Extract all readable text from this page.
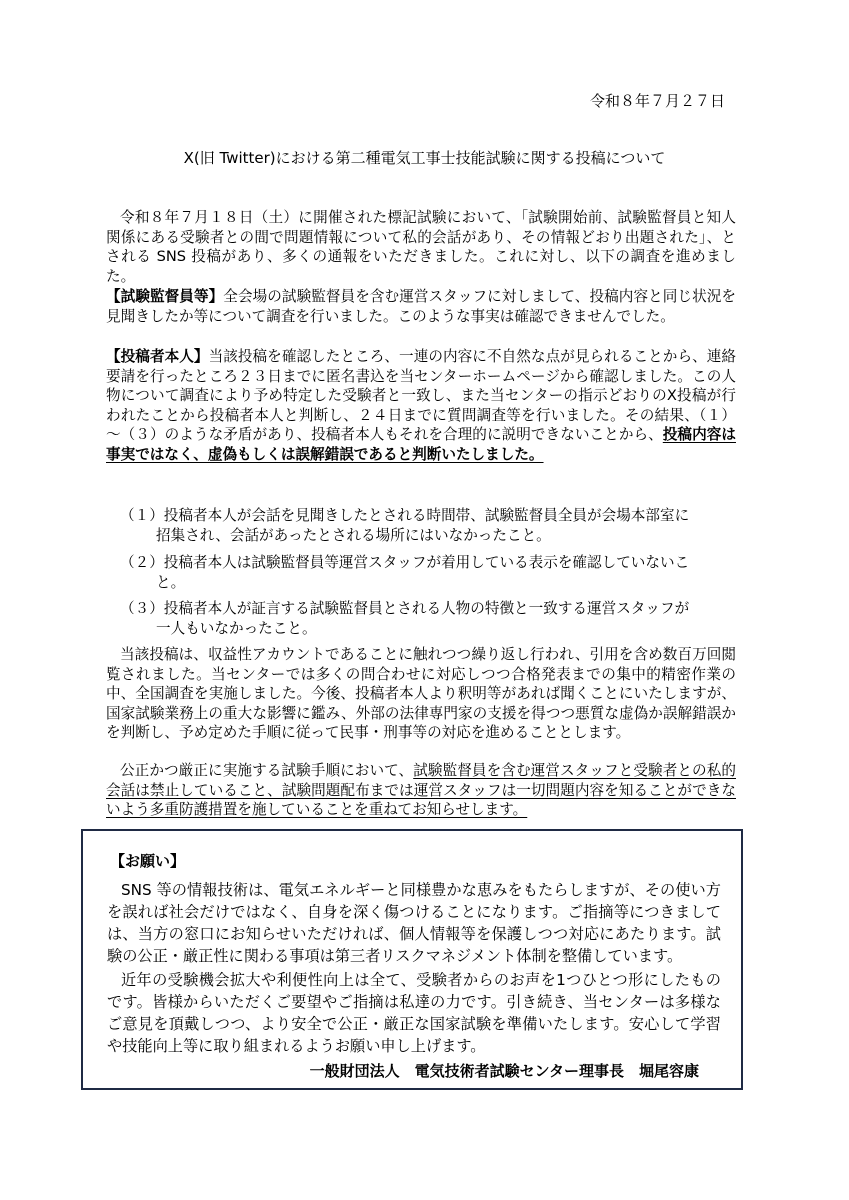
令和８年７月２７日
X(旧 Twitter)における第二種電気工事士技能試験に関する投稿について

令和８年７月１８日（土）に開催された標記試験において、「試験開始前、試験監督員と知人関係にある受験者との間で問題情報について私的会話があり、その情報どおり出題された」、とされる SNS 投稿があり、多くの通報をいただきました。これに対し、以下の調査を進めました。

【試験監督員等】全会場の試験監督員を含む運営スタッフに対しまして、投稿内容と同じ状況を見聞きしたか等について調査を行いました。このような事実は確認できませんでした。

【投稿者本人】当該投稿を確認したところ、一連の内容に不自然な点が見られることから、連絡要請を行ったところ２３日までに匿名書込を当センターホームページから確認しました。この人物について調査により予め特定した受験者と一致し、また当センターの指示どおりのX投稿が行われたことから投稿者本人と判断し、２４日までに質問調査等を行いました。その結果、（１）～（３）のような矛盾があり、投稿者本人もそれを合理的に説明できないことから、投稿内容は事実ではなく、虚偽もしくは誤解錯誤であると判断いたしました。

（１）投稿者本人が会話を見聞きしたとされる時間帯、試験監督員全員が会場本部室に招集され、会話があったとされる場所にはいなかったこと。

（２）投稿者本人は試験監督員等運営スタッフが着用している表示を確認していないこと。

（３）投稿者本人が証言する試験監督員とされる人物の特徴と一致する運営スタッフが一人もいなかったこと。

当該投稿は、収益性アカウントであることに触れつつ繰り返し行われ、引用を含め数百万回閲覧されました。当センターでは多くの問合わせに対応しつつ合格発表までの集中的精密作業の中、全国調査を実施しました。今後、投稿者本人より釈明等があれば聞くことにいたしますが、国家試験業務上の重大な影響に鑑み、外部の法律専門家の支援を得つつ悪質な虚偽か誤解錯誤かを判断し、予め定めた手順に従って民事・刑事等の対応を進めることとします。

公正かつ厳正に実施する試験手順において、試験監督員を含む運営スタッフと受験者との私的会話は禁止していること、試験問題配布までは運営スタッフは一切問題内容を知ることができないよう多重防護措置を施していることを重ねてお知らせします。

【お願い】

SNS 等の情報技術は、電気エネルギーと同様豊かな恵みをもたらしますが、その使い方を誤れば社会だけではなく、自身を深く傷つけることになります。ご指摘等につきましては、当方の窓口にお知らせいただければ、個人情報等を保護しつつ対応にあたります。試験の公正・厳正性に関わる事項は第三者リスクマネジメント体制を整備しています。

近年の受験機会拡大や利便性向上は全て、受験者からのお声を1つひとつ形にしたものです。皆様からいただくご要望やご指摘は私達の力です。引き続き、当センターは多様なご意見を頂戴しつつ、より安全で公正・厳正な国家試験を準備いたします。安心して学習や技能向上等に取り組まれるようお願い申し上げます。

一般財団法人　電気技術者試験センター理事長　堀尾容康
